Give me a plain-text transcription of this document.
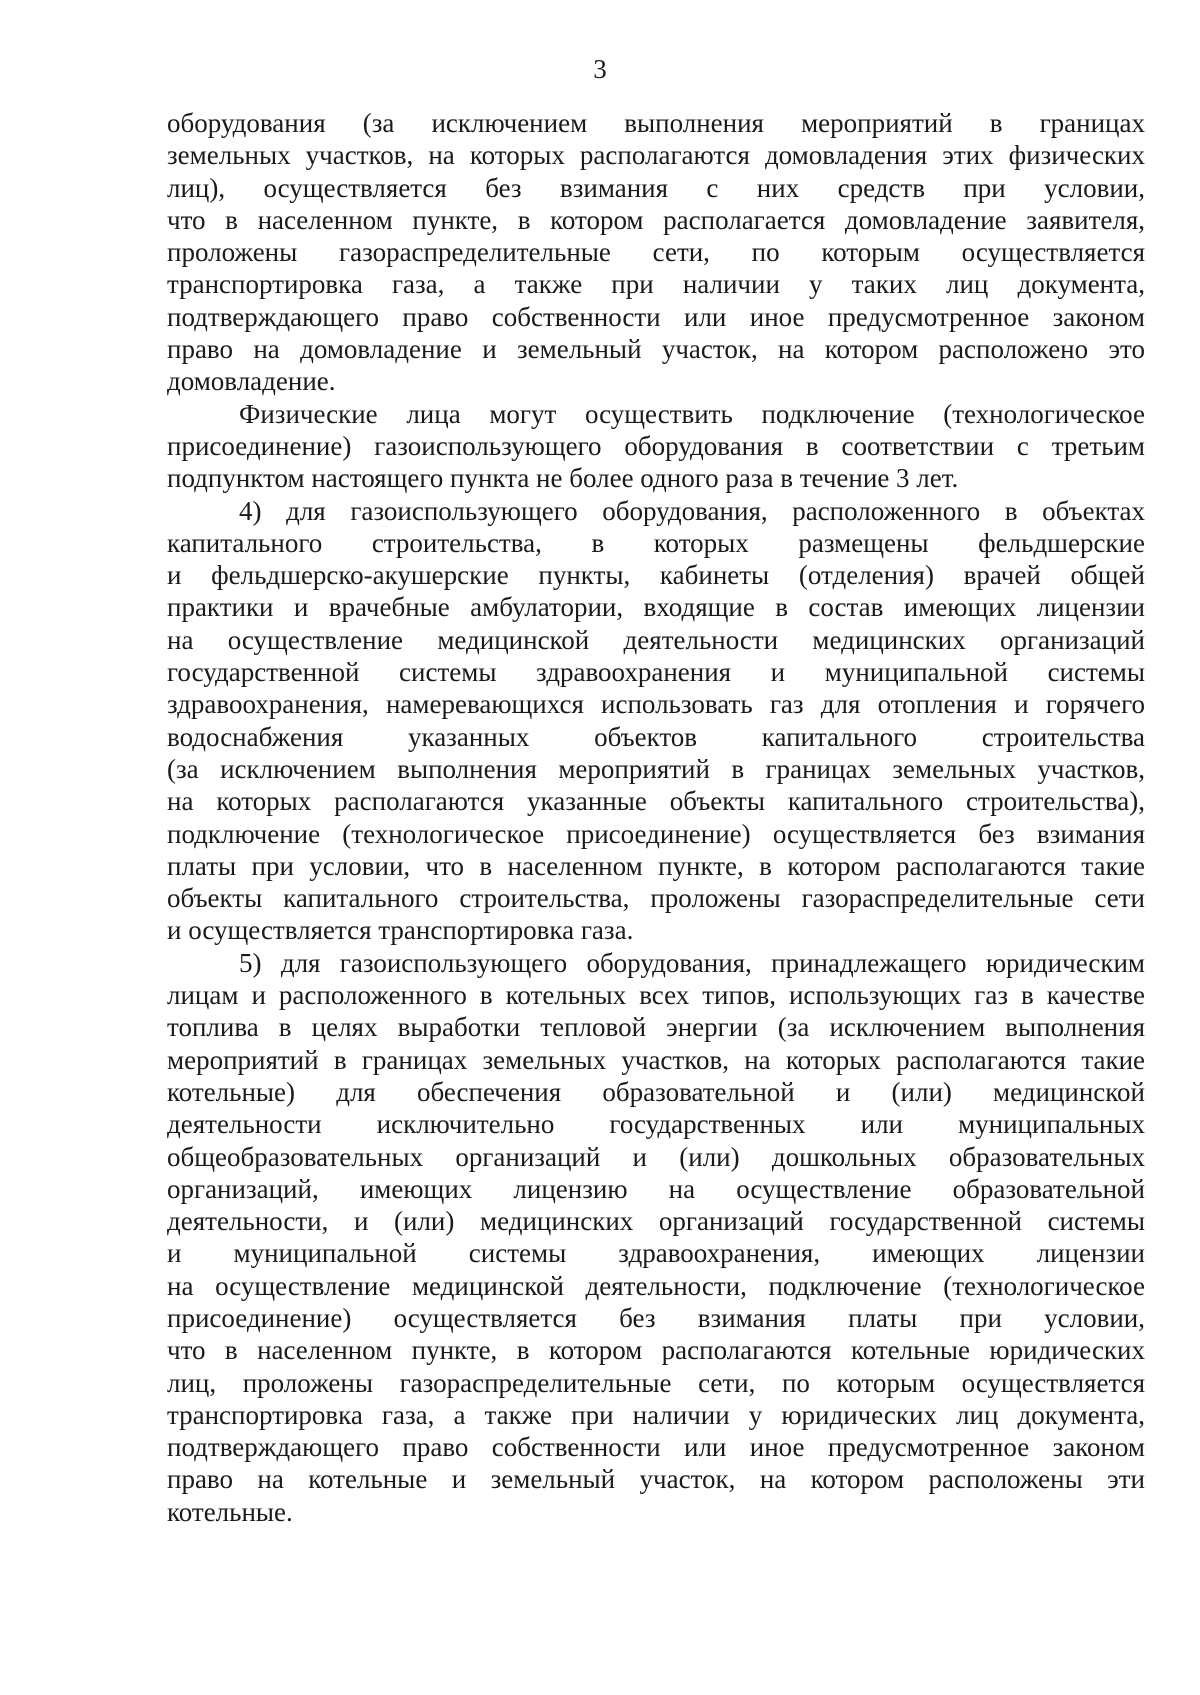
3
оборудования (за исключением выполнения мероприятий в границах
земельных участков, на которых располагаются домовладения этих физических
лиц), осуществляется без взимания с них средств при условии,
что в населенном пункте, в котором располагается домовладение заявителя,
проложены газораспределительные сети, по которым осуществляется
транспортировка газа, а также при наличии у таких лиц документа,
подтверждающего право собственности или иное предусмотренное законом
право на домовладение и земельный участок, на котором расположено это
домовладение.
Физические лица могут осуществить подключение (технологическое
присоединение) газоиспользующего оборудования в соответствии с третьим
подпунктом настоящего пункта не более одного раза в течение 3 лет.
4) для газоиспользующего оборудования, расположенного в объектах
капитального строительства, в которых размещены фельдшерские
и фельдшерско-акушерские пункты, кабинеты (отделения) врачей общей
практики и врачебные амбулатории, входящие в состав имеющих лицензии
на осуществление медицинской деятельности медицинских организаций
государственной системы здравоохранения и муниципальной системы
здравоохранения, намеревающихся использовать газ для отопления и горячего
водоснабжения указанных объектов капитального строительства
(за исключением выполнения мероприятий в границах земельных участков,
на которых располагаются указанные объекты капитального строительства),
подключение (технологическое присоединение) осуществляется без взимания
платы при условии, что в населенном пункте, в котором располагаются такие
объекты капитального строительства, проложены газораспределительные сети
и осуществляется транспортировка газа.
5) для газоиспользующего оборудования, принадлежащего юридическим
лицам и расположенного в котельных всех типов, использующих газ в качестве
топлива в целях выработки тепловой энергии (за исключением выполнения
мероприятий в границах земельных участков, на которых располагаются такие
котельные) для обеспечения образовательной и (или) медицинской
деятельности исключительно государственных или муниципальных
общеобразовательных организаций и (или) дошкольных образовательных
организаций, имеющих лицензию на осуществление образовательной
деятельности, и (или) медицинских организаций государственной системы
и муниципальной системы здравоохранения, имеющих лицензии
на осуществление медицинской деятельности, подключение (технологическое
присоединение) осуществляется без взимания платы при условии,
что в населенном пункте, в котором располагаются котельные юридических
лиц, проложены газораспределительные сети, по которым осуществляется
транспортировка газа, а также при наличии у юридических лиц документа,
подтверждающего право собственности или иное предусмотренное законом
право на котельные и земельный участок, на котором расположены эти
котельные.
